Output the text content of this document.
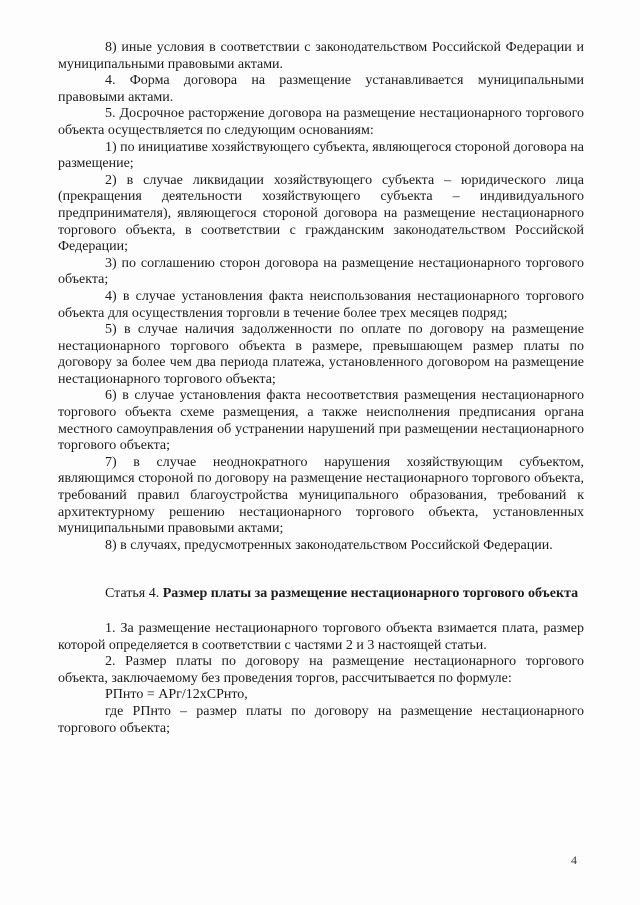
8) иные условия в соответствии с законодательством Российской Федерации и муниципальными правовыми актами.

4. Форма договора на размещение устанавливается муниципальными правовыми актами.

5. Досрочное расторжение договора на размещение нестационарного торгового объекта осуществляется по следующим основаниям:

1) по инициативе хозяйствующего субъекта, являющегося стороной договора на размещение;

2) в случае ликвидации хозяйствующего субъекта – юридического лица (прекращения деятельности хозяйствующего субъекта – индивидуального предпринимателя), являющегося стороной договора на размещение нестационарного торгового объекта, в соответствии с гражданским законодательством Российской Федерации;

3) по соглашению сторон договора на размещение нестационарного торгового объекта;

4) в случае установления факта неиспользования нестационарного торгового объекта для осуществления торговли в течение более трех месяцев подряд;

5) в случае наличия задолженности по оплате по договору на размещение нестационарного торгового объекта в размере, превышающем размер платы по договору за более чем два периода платежа, установленного договором на размещение нестационарного торгового объекта;

6) в случае установления факта несоответствия размещения нестационарного торгового объекта схеме размещения, а также неисполнения предписания органа местного самоуправления об устранении нарушений при размещении нестационарного торгового объекта;

7) в случае неоднократного нарушения хозяйствующим субъектом, являющимся стороной по договору на размещение нестационарного торгового объекта, требований правил благоустройства муниципального образования, требований к архитектурному решению нестационарного торгового объекта, установленных муниципальными правовыми актами;

8) в случаях, предусмотренных законодательством Российской Федерации.

Статья 4. Размер платы за размещение нестационарного торгового объекта

1. За размещение нестационарного торгового объекта взимается плата, размер которой определяется в соответствии с частями 2 и 3 настоящей статьи.

2. Размер платы по договору на размещение нестационарного торгового объекта, заключаемому без проведения торгов, рассчитывается по формуле:

РПнто = АРг/12хСРнто,

где РПнто – размер платы по договору на размещение нестационарного торгового объекта;

4
